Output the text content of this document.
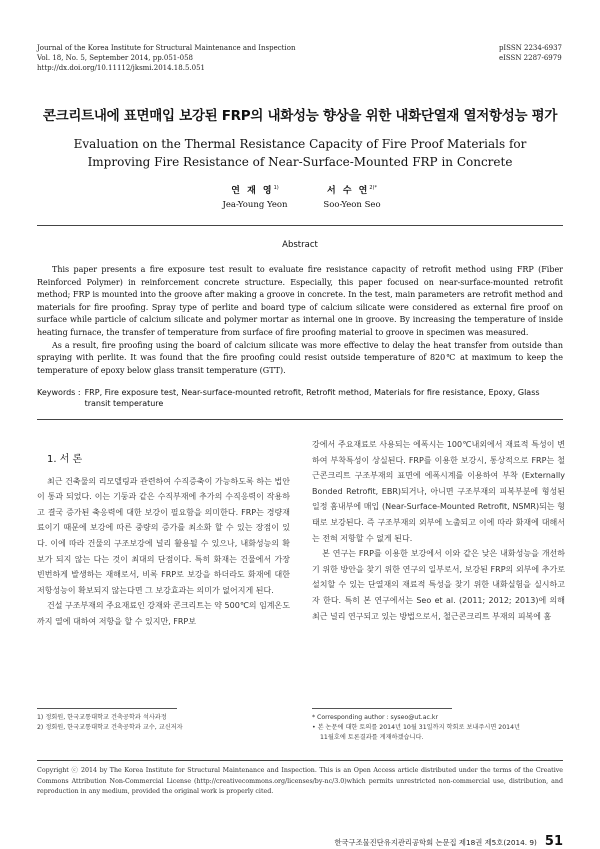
Journal of the Korea Institute for Structural Maintenance and Inspection
Vol. 18, No. 5, September 2014, pp.051-058
http://dx.doi.org/10.11112/jksmi.2014.18.5.051
pISSN 2234-6937
eISSN 2287-6979
콘크리트내에 표면매입 보강된 FRP의 내화성능 향상을 위한 내화단열재 열저항성능 평가
Evaluation on the Thermal Resistance Capacity of Fire Proof Materials for
Improving Fire Resistance of Near-Surface-Mounted FRP in Concrete
연 재 영$^{1)}$
Jea-Young Yeon
서 수 연$^{2)*}$
Soo-Yeon Seo
Abstract

This paper presents a fire exposure test result to evaluate fire resistance capacity of retrofit method using FRP (Fiber Reinforced Polymer) in reinforcement concrete structure. Especially, this paper focused on near-surface-mounted retrofit method; FRP is mounted into the groove after making a groove in concrete. In the test, main parameters are retrofit method and materials for fire proofing. Spray type of perlite and board type of calcium silicate were considered as external fire proof on surface while particle of calcium silicate and polymer mortar as internal one in groove. By increasing the temperature of inside heating furnace, the transfer of temperature from surface of fire proofing material to groove in specimen was measured.

As a result, fire proofing using the board of calcium silicate was more effective to delay the heat transfer from outside than spraying with perlite. It was found that the fire proofing could resist outside temperature of 820℃ at maximum to keep the temperature of epoxy below glass transit temperature (GTT).

Keywords : FRP, Fire exposure test, Near-surface-mounted retrofit, Retrofit method, Materials for fire resistance, Epoxy, Glass transit temperature
1. 서 론

최근 건축물의 리모델링과 관련하여 수직증축이 가능하도록 하는 법안이 통과 되었다. 이는 기둥과 같은 수직부재에 추가의 수직응력이 작용하고 결국 증가된 축응력에 대한 보강이 필요함을 의미한다. FRP는 경량재료이기 때문에 보강에 따른 중량의 증가를 최소화 할 수 있는 장점이 있다. 이에 따라 건물의 구조보강에 널리 활용될 수 있으나, 내화성능의 확보가 되지 않는 다는 것이 최대의 단점이다. 특히 화재는 건물에서 가장 빈번하게 발생하는 재해로서, 비록 FRP로 보강을 하더라도 화재에 대한 저항성능이 확보되지 않는다면 그 보강효과는 의미가 없어지게 된다.

건설 구조부재의 주요재료인 강재와 콘크리트는 약 500℃의 임계온도까지 열에 대하여 저항을 할 수 있지만, FRP보

강에서 주요재료로 사용되는 에폭시는 100℃내외에서 재료적 특성이 변하여 부착특성이 상실된다. FRP를 이용한 보강시, 통상적으로 FRP는 철근콘크리트 구조부재의 표면에 에폭시계를 이용하여 부착 (Externally Bonded Retrofit, EBR)되거나, 아니면 구조부재의 피복부분에 형성된 일정 홈내부에 매입 (Near-Surface-Mounted Retrofit, NSMR)되는 형태로 보강된다. 즉 구조부재의 외부에 노출되고 이에 따라 화재에 대해서는 전혀 저항할 수 없게 된다.

본 연구는 FRP를 이용한 보강에서 이와 같은 낮은 내화성능을 개선하기 위한 방안을 찾기 위한 연구의 일부로서, 보강된 FRP의 외부에 추가로 설치할 수 있는 단열재의 재료적 특성을 찾기 위한 내화실험을 실시하고자 한다. 특히 본 연구에서는 Seo et al. (2011; 2012; 2013)에 의해 최근 널리 연구되고 있는 방법으로서, 철근콘크리트 부재의 피복에 홈

1) 정회원, 한국교통대학교 건축공학과 석사과정
2) 정회원, 한국교통대학교 건축공학과 교수, 교신저자
* Corresponding author : syseo@ut.ac.kr
• 본 논문에 대한 토의를 2014년 10월 31일까지 학회로 보내주시면 2014년
11월호에 토론결과를 게재하겠습니다.
Copyright ⓒ 2014 by The Korea Institute for Structural Maintenance and Inspection. This is an Open Access article distributed under the terms of the Creative Commons Attribution Non-Commercial License (http://creativecommons.org/licenses/by-nc/3.0)which permits unrestricted non-commercial use, distribution, and reproduction in any medium, provided the original work is properly cited.
한국구조물진단유지관리공학회 논문집 제18권 제5호(2014. 9) 51
